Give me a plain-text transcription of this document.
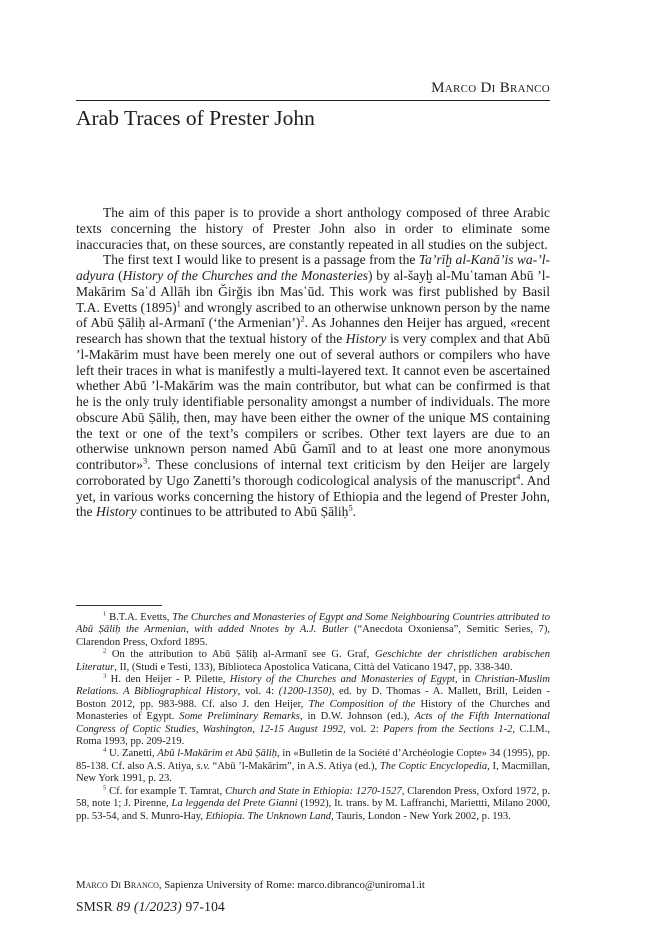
Marco Di Branco
Arab Traces of Prester John

The aim of this paper is to provide a short anthology composed of three Arabic texts concerning the history of Prester John also in order to eliminate some inaccuracies that, on these sources, are constantly repeated in all studies on the subject.

The first text I would like to present is a passage from the Ta’rīḫ al-Kanā’is wa-’l-adyura (History of the Churches and the Monasteries) by al-šayḫ al-Mu῾taman Abū ’l-Makārim Sa῾d Allāh ibn Ǧirǧis ibn Mas῾ūd. This work was first published by Basil T.A. Evetts $(1895)^1$ and wrongly ascribed to an otherwise unknown person by the name of Abū Ṣāliḥ al-Armanī (‘the Armenian’)$^2$. As Johannes den Heijer has argued, «recent research has shown that the textual history of the History is very complex and that Abū ’l-Makārim must have been merely one out of several authors or compilers who have left their traces in what is manifestly a multi-layered text. It cannot even be ascertained whether Abū ’l-Makārim was the main contributor, but what can be confirmed is that he is the only truly identifiable personality amongst a number of individuals. The more obscure Abū Ṣāliḥ, then, may have been either the owner of the unique MS containing the text or one of the text’s compilers or scribes. Other text layers are due to an otherwise unknown person named Abū Ǧamīl and to at least one more anonymous contributor»$^3$. These conclusions of internal text criticism by den Heijer are largely corroborated by Ugo Zanetti’s thorough codicological analysis of the manuscript$^4$. And yet, in various works concerning the history of Ethiopia and the legend of Prester John, the History continues to be attributed to Abū Ṣāliḥ$^5$.

$^1$ B.T.A. Evetts, The Churches and Monasteries of Egypt and Some Neighbouring Countries attributed to Abū Ṣāliḥ the Armenian, with added Nnotes by A.J. Butler (“Anecdota Oxoniensa”, Semitic Series, 7), Clarendon Press, Oxford 1895.

$^2$ On the attribution to Abū Ṣāliḥ al-Armanī see G. Graf, Geschichte der christlichen arabischen Literatur, II, (Studi e Testi, 133), Biblioteca Apostolica Vaticana, Città del Vaticano 1947, pp. 338-340.

$^3$ H. den Heijer - P. Pilette, History of the Churches and Monasteries of Egypt, in Christian-Muslim Relations. A Bibliographical History, vol. 4: (1200-1350), ed. by D. Thomas - A. Mallett, Brill, Leiden - Boston 2012, pp. 983-988. Cf. also J. den Heijer, The Composition of the History of the Churches and Monasteries of Egypt. Some Preliminary Remarks, in D.W. Johnson (ed.), Acts of the Fifth International Congress of Coptic Studies, Washington, 12-15 August 1992, vol. 2: Papers from the Sections 1-2, C.I.M., Roma 1993, pp. 209-219.

$^4$ U. Zanetti, Abū l-Makārim et Abū Ṣāliḥ, in «Bulletin de la Société d’Archéologie Copte» 34 (1995), pp. 85-138. Cf. also A.S. Atiya, s.v. “Abū ’l-Makārim”, in A.S. Atiya (ed.), The Coptic Encyclopedia, I, Macmillan, New York 1991, p. 23.

$^5$ Cf. for example T. Tamrat, Church and State in Ethiopia: 1270-1527, Clarendon Press, Oxford 1972, p. 58, note 1; J. Pirenne, La leggenda del Prete Gianni (1992), It. trans. by M. Laffranchi, Mariettti, Milano 2000, pp. 53-54, and S. Munro-Hay, Ethiopia. The Unknown Land, Tauris, London - New York 2002, p. 193.

Marco Di Branco, Sapienza University of Rome: marco.dibranco@uniroma1.it
SMSR 89 (1/2023) 97-104
